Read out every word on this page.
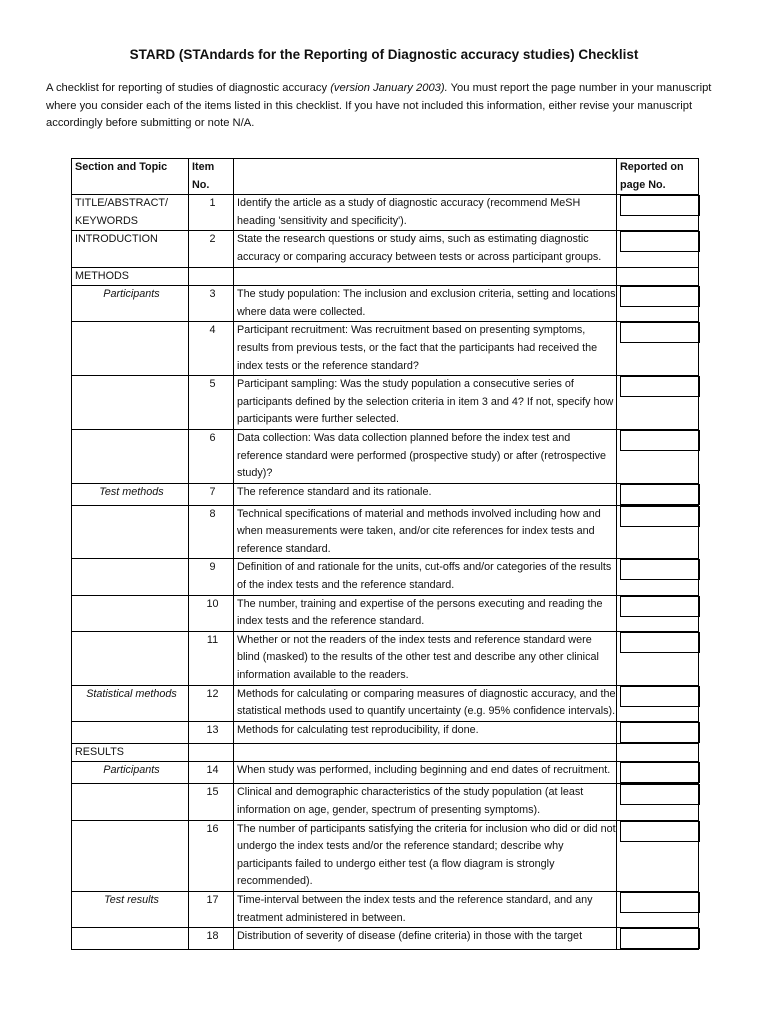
STARD (STAndards for the Reporting of Diagnostic accuracy studies) Checklist
A checklist for reporting of studies of diagnostic accuracy (version January 2003). You must report the page number in your manuscript where you consider each of the items listed in this checklist. If you have not included this information, either revise your manuscript accordingly before submitting or note N/A.
Section and Topic	Item No.		Reported on page No.
TITLE/ABSTRACT/ KEYWORDS	1	Identify the article as a study of diagnostic accuracy (recommend MeSH heading 'sensitivity and specificity').	

INTRODUCTION	2	State the research questions or study aims, such as estimating diagnostic accuracy or comparing accuracy between tests or across participant groups.	

METHODS			
Participants	3	The study population: The inclusion and exclusion criteria, setting and locations where data were collected.	

	4	Participant recruitment: Was recruitment based on presenting symptoms, results from previous tests, or the fact that the participants had received the index tests or the reference standard?	

	5	Participant sampling: Was the study population a consecutive series of participants defined by the selection criteria in item 3 and 4? If not, specify how participants were further selected.	

	6	Data collection: Was data collection planned before the index test and reference standard were performed (prospective study) or after (retrospective study)?	

Test methods	7	The reference standard and its rationale.	

	8	Technical specifications of material and methods involved including how and when measurements were taken, and/or cite references for index tests and reference standard.	

	9	Definition of and rationale for the units, cut-offs and/or categories of the results of the index tests and the reference standard.	

	10	The number, training and expertise of the persons executing and reading the index tests and the reference standard.	

	11	Whether or not the readers of the index tests and reference standard were blind (masked) to the results of the other test and describe any other clinical information available to the readers.	

Statistical methods	12	Methods for calculating or comparing measures of diagnostic accuracy, and the statistical methods used to quantify uncertainty (e.g. 95% confidence intervals).	

	13	Methods for calculating test reproducibility, if done.	

RESULTS			
Participants	14	When study was performed, including beginning and end dates of recruitment.	

	15	Clinical and demographic characteristics of the study population (at least information on age, gender, spectrum of presenting symptoms).	

	16	The number of participants satisfying the criteria for inclusion who did or did not undergo the index tests and/or the reference standard; describe why participants failed to undergo either test (a flow diagram is strongly recommended).	

Test results	17	Time-interval between the index tests and the reference standard, and any treatment administered in between.	

	18	Distribution of severity of disease (define criteria) in those with the target	
